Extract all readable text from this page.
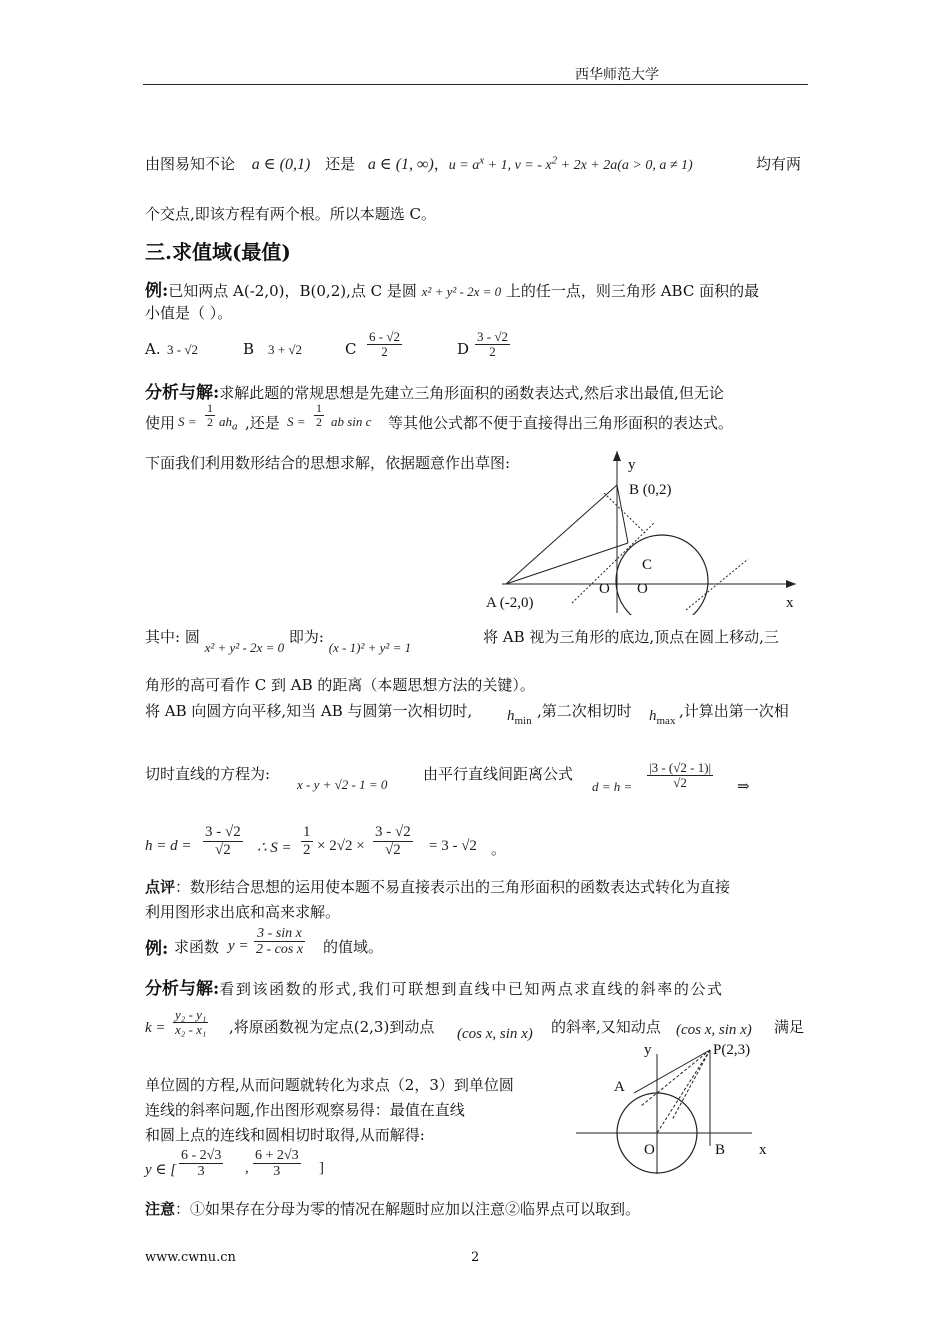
西华师范大学
由图易知不论 a ∈ (0,1) 还是 a ∈ (1, ∞)，$u = a^x + 1$, v = - $x^2 + 2x + 2a(a > 0$, a ≠ 1)	均有两
个交点,即该方程有两个根。所以本题选 C。
三.求值域(最值)
例:已知两点 A(-2,0)，B(0,2),点 C 是圆 x² + y² - 2x = 0 上的任一点，则三角形 ABC 面积的最
小值是（ ）。
A. 3 - √2	B 3 + √2	C $\frac{6 - √2}{2}$	D $\frac{3 - √2}{2}$
分析与解:求解此题的常规思想是先建立三角形面积的函数表达式,然后求出最值,但无论
使用 $S = \frac{1}{2} ah_a$ ,还是 $S = \frac{1}{2}$ ab sin c 等其他公式都不便于直接得出三角形面积的表达式。
下面我们利用数形结合的思想求解，依据题意作出草图:	y
B (0,2)
C
O O
A (-2,0)	x
其中: 圆 x² + y² - 2x = 0 即为: (x - 1)² + y² = 1
将 AB 视为三角形的底边,顶点在圆上移动,三
角形的高可看作 C 到 AB 的距离（本题思想方法的关键）。
将 AB 向圆方向平移,知当 AB 与圆第一次相切时, $h_{min}$
,第二次相切时 $h_{max}$
,计算出第一次相
切时直线的方程为:
x - y + √2 - 1 = 0
由平行直线间距离公式
$d = h = \frac{|3 - (√2 - 1)|}{√2}$ ⇒
$h = d = \frac{3 - √2}{√2}$ ∴ $S = \frac{1}{2} \times 2√2 \times \frac{3 - √2}{√2} = 3 - √2$ 。
点评：数形结合思想的运用使本题不易直接表示出的三角形面积的函数表达式转化为直接
利用图形求出底和高来求解。
例: 求函数 $y = \frac{\text{3 - sin x}}{\text{2 - cos x}}$ 的值域。
分析与解:看到该函数的形式,我们可联想到直线中已知两点求直线的斜率的公式
$k = \frac{\text{y₂ - y₁}}{\text{x₂ - x₁}}$ ,将原函数视为定点(2,3)到动点 (cos x, sin x) 的斜率,又知动点 (cos x, sin x) 满足
单位圆的方程,从而问题就转化为求点（2，3）到单位圆
连线的斜率问题,作出图形观察易得：最值在直线
和圆上点的连线和圆相切时取得,从而解得:
y ∈ [ $\frac{6 - 2√3}{3}$ , $\frac{6 + 2√3}{3}$ ]
y	P(2,3)
A
O	B x
注意：①如果存在分母为零的情况在解题时应加以注意②临界点可以取到。
www.cwnu.cn	2
